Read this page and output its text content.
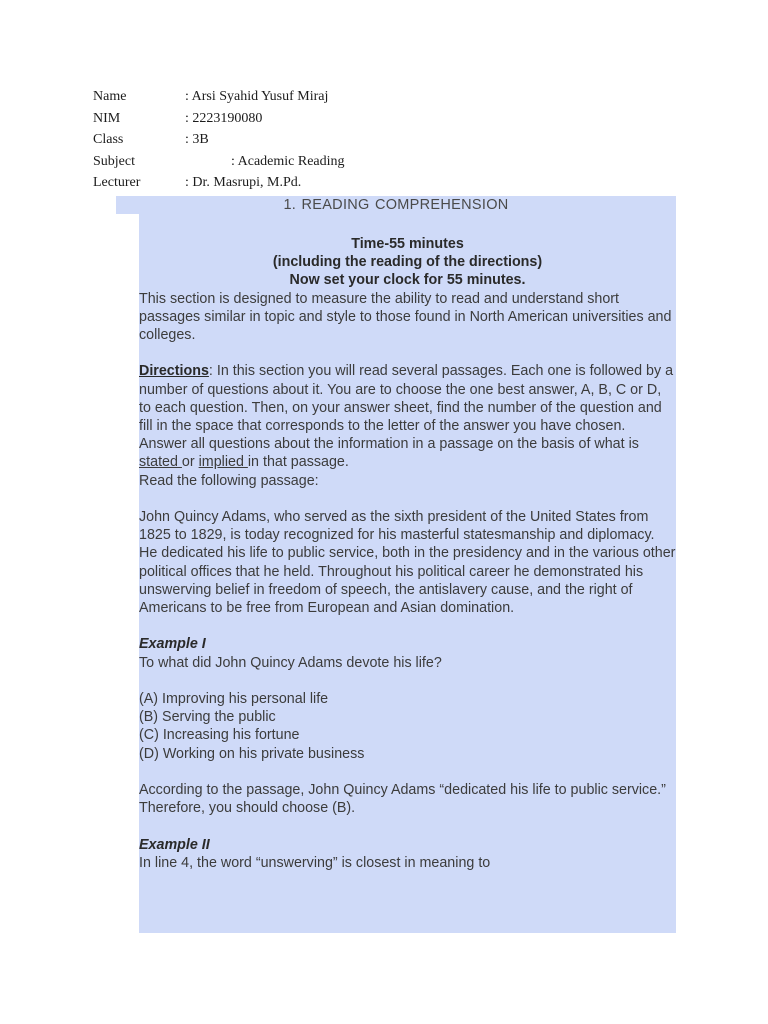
Name	: Arsi Syahid Yusuf Miraj
NIM	: 2223190080
Class	: 3B
Subject	: Academic Reading
Lecturer	: Dr. Masrupi, M.Pd.
1. READING COMPREHENSION
Time-55 minutes
(including the reading of the directions)
Now set your clock for 55 minutes.

This section is designed to measure the ability to read and understand short passages similar in topic and style to those found in North American universities and colleges.

Directions: In this section you will read several passages. Each one is followed by a number of questions about it. You are to choose the one best answer, A, B, C or D, to each question. Then, on your answer sheet, find the number of the question and fill in the space that corresponds to the letter of the answer you have chosen.

Answer all questions about the information in a passage on the basis of what is stated or implied in that passage.

Read the following passage:

John Quincy Adams, who served as the sixth president of the United States from 1825 to 1829, is today recognized for his masterful statesmanship and diplomacy. He dedicated his life to public service, both in the presidency and in the various other political offices that he held. Throughout his political career he demonstrated his unswerving belief in freedom of speech, the antislavery cause, and the right of Americans to be free from European and Asian domination.

Example I
To what did John Quincy Adams devote his life?
(A) Improving his personal life
(B) Serving the public
(C) Increasing his fortune
(D) Working on his private business

According to the passage, John Quincy Adams “dedicated his life to public service.” Therefore, you should choose (B).

Example II
In line 4, the word “unswerving” is closest in meaning to
